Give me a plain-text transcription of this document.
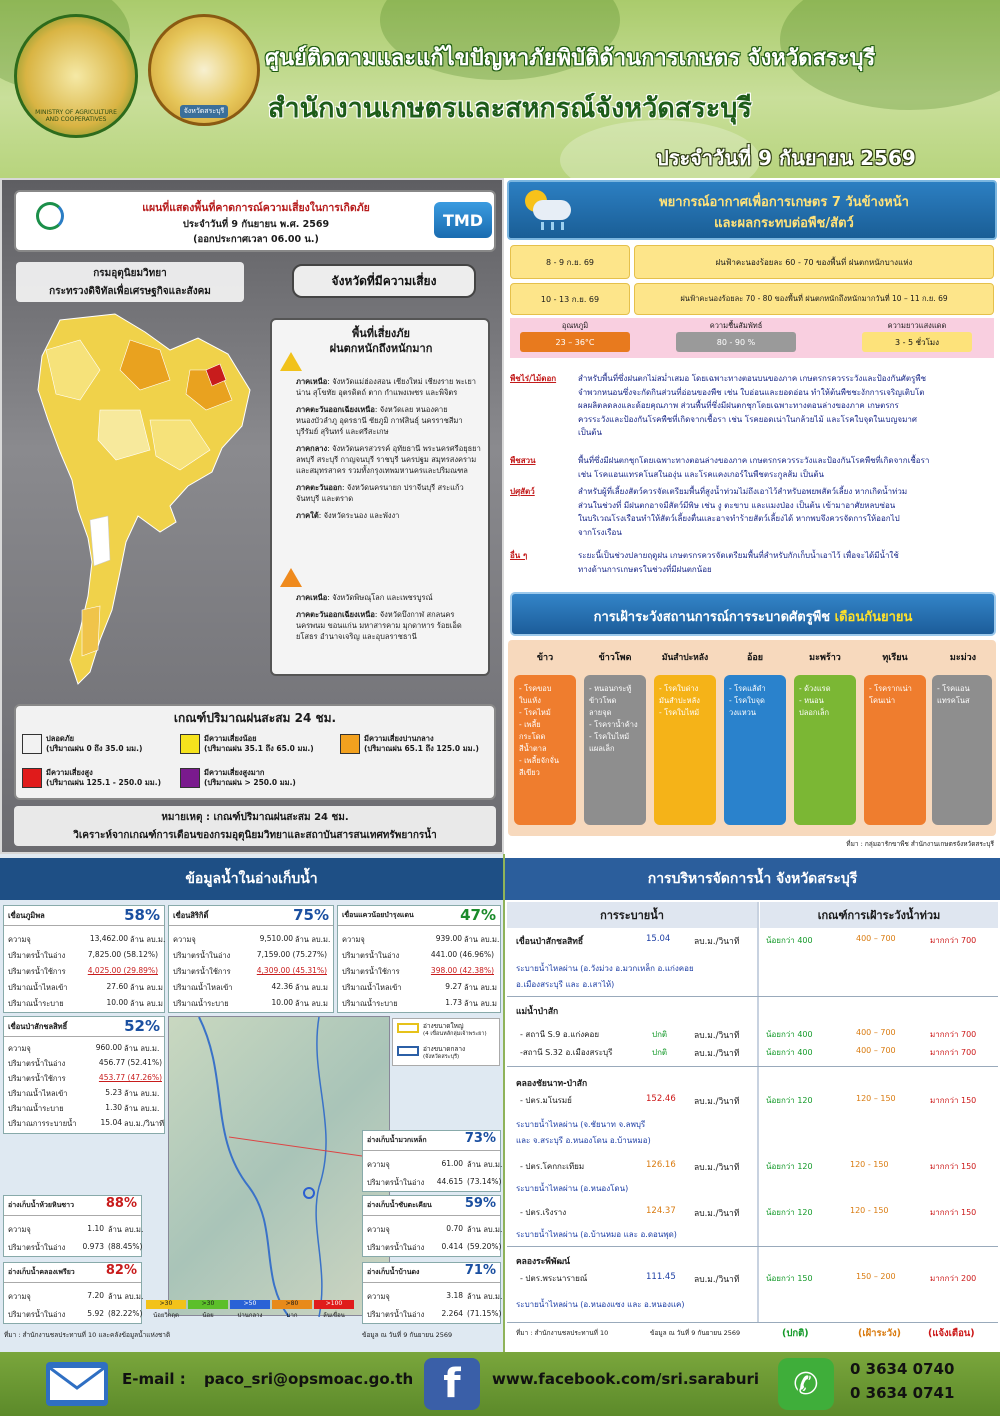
MINISTRY OF AGRICULTURE AND COOPERATIVES
จังหวัดสระบุรี
ศูนย์ติดตามและแก้ไขปัญหาภัยพิบัติด้านการเกษตร จังหวัดสระบุรี
สำนักงานเกษตรและสหกรณ์จังหวัดสระบุรี
ประจำวันที่ 9 กันยายน 2569
แผนที่แสดงพื้นที่คาดการณ์ความเสี่ยงในการเกิดภัย
ประจำวันที่ 9 กันยายน พ.ศ. 2569
(ออกประกาศเวลา 06.00 น.)
TMD
กรมอุตุนิยมวิทยา
กระทรวงดิจิทัลเพื่อเศรษฐกิจและสังคม
จังหวัดที่มีความเสี่ยง
พื้นที่เสี่ยงภัย
ฝนตกหนักถึงหนักมาก

ภาคเหนือ: จังหวัดแม่ฮ่องสอน เชียงใหม่ เชียงราย พะเยา น่าน สุโขทัย อุตรดิตถ์ ตาก กำแพงเพชร และพิจิตร

ภาคตะวันออกเฉียงเหนือ: จังหวัดเลย หนองคาย หนองบัวลำภู อุดรธานี ชัยภูมิ กาฬสินธุ์ นครราชสีมา บุรีรัมย์ สุรินทร์ และศรีสะเกษ

ภาคกลาง: จังหวัดนครสวรรค์ อุทัยธานี พระนครศรีอยุธยา ลพบุรี สระบุรี กาญจนบุรี ราชบุรี นครปฐม สมุทรสงคราม และสมุทรสาคร รวมทั้งกรุงเทพมหานครและปริมณฑล

ภาคตะวันออก: จังหวัดนครนายก ปราจีนบุรี สระแก้ว จันทบุรี และตราด

ภาคใต้: จังหวัดระนอง และพังงา

ภาคเหนือ: จังหวัดพิษณุโลก และเพชรบูรณ์

ภาคตะวันออกเฉียงเหนือ: จังหวัดบึงกาฬ สกลนคร นครพนม ขอนแก่น มหาสารคาม มุกดาหาร ร้อยเอ็ด ยโสธร อำนาจเจริญ และอุบลราชธานี

เกณฑ์ปริมาณฝนสะสม 24 ชม.
ปลอดภัย
(ปริมาณฝน 0 ถึง 35.0 มม.)
มีความเสี่ยงน้อย
(ปริมาณฝน 35.1 ถึง 65.0 มม.)
มีความเสี่ยงปานกลาง
(ปริมาณฝน 65.1 ถึง 125.0 มม.)
มีความเสี่ยงสูง
(ปริมาณฝน 125.1 - 250.0 มม.)
มีความเสี่ยงสูงมาก
(ปริมาณฝน > 250.0 มม.)
หมายเหตุ : เกณฑ์ปริมาณฝนสะสม 24 ชม.
วิเคราะห์จากเกณฑ์การเตือนของกรมอุตุนิยมวิทยาและสถาบันสารสนเทศทรัพยากรน้ำ
พยากรณ์อากาศเพื่อการเกษตร 7 วันข้างหน้า
และผลกระทบต่อพืช/สัตว์
8 - 9 ก.ย. 69	ฝนฟ้าคะนองร้อยละ 60 - 70 ของพื้นที่ ฝนตกหนักบางแห่ง
10 - 13 ก.ย. 69	ฝนฟ้าคะนองร้อยละ 70 - 80 ของพื้นที่ ฝนตกหนักถึงหนักมากวันที่ 10 – 11 ก.ย. 69
อุณหภูมิ
23 – 36°C
ความชื้นสัมพัทธ์
80 - 90 %
ความยาวแสงแดด
3 - 5 ชั่วโมง
พืชไร่/ไม้ดอก	สำหรับพื้นที่ซึ่งฝนตกไม่สม่ำเสมอ โดยเฉพาะทางตอนบนของภาค เกษตรกรควรระวังและป้องกันศัตรูพืช
จำพวกหนอนซึ่งจะกัดกินส่วนที่อ่อนของพืช เช่น ใบอ่อนและยอดอ่อน ทำให้ต้นพืชชะงักการเจริญเติบโต
ผลผลิตลดลงและด้อยคุณภาพ ส่วนพื้นที่ซึ่งมีฝนตกชุกโดยเฉพาะทางตอนล่างของภาค เกษตรกร
ควรระวังและป้องกันโรคพืชที่เกิดจากเชื้อรา เช่น โรคยอดเน่าในกล้วยไม้ และโรคใบจุดในเบญจมาศ
เป็นต้น
พืชสวน	พื้นที่ซึ่งมีฝนตกชุกโดยเฉพาะทางตอนล่างของภาค เกษตรกรควรระวังและป้องกันโรคพืชที่เกิดจากเชื้อรา
เช่น โรคแอนแทรคโนสในองุ่น และโรคแคงเกอร์ในพืชตระกูลส้ม เป็นต้น
ปศุสัตว์	สำหรับผู้ที่เลี้ยงสัตว์ควรจัดเตรียมพื้นที่สูงน้ำท่วมไม่ถึงเอาไว้สำหรับอพยพสัตว์เลี้ยง หากเกิดน้ำท่วม
ส่วนในช่วงที่ มีฝนตกอาจมีสัตว์มีพิษ เช่น งู ตะขาบ และแมงป่อง เป็นต้น เข้ามาอาศัยหลบซ่อน
ในบริเวณโรงเรือนทำให้สัตว์เลี้ยงตื่นและอาจทำร้ายสัตว์เลี้ยงได้ หากพบจึงควรจัดการให้ออกไป
จากโรงเรือน
อื่น ๆ	ระยะนี้เป็นช่วงปลายฤดูฝน เกษตรกรควรจัดเตรียมพื้นที่สำหรับกักเก็บน้ำเอาไว้ เพื่อจะได้มีน้ำใช้
ทางด้านการเกษตรในช่วงที่มีฝนตกน้อย
การเฝ้าระวังสถานการณ์การระบาดศัตรูพืช เดือนกันยายน
ข้าว
- โรคขอบ
ใบแห้ง
- โรคไหม้
- เพลี้ย
กระโดด
สีน้ำตาล
- เพลี้ยจักจั่น
สีเขียว
ข้าวโพด
- หนอนกระทู้
ข้าวโพด
ลายจุด
- โรคราน้ำค้าง
- โรคใบไหม้
แผลเล็ก
มันสำปะหลัง
- โรคใบด่าง
มันสำปะหลัง
- โรคใบไหม้
อ้อย
- โรคแส้ดำ
- โรคใบจุด
วงแหวน
มะพร้าว
- ด้วงแรด
- หนอน
ปลอกเล็ก
ทุเรียน
- โรครากเน่า
โคนเน่า
มะม่วง
- โรคแอน
แทรคโนส
ที่มา : กลุ่มอารักขาพืช สำนักงานเกษตรจังหวัดสระบุรี
ข้อมูลน้ำในอ่างเก็บน้ำ
เขื่อนภูมิพล	58%
ความจุ	13,462.00 ล้าน ลบ.ม.
ปริมาตรน้ำในอ่าง	7,825.00 (58.12%)
ปริมาตรน้ำใช้การ	4,025.00 (29.89%)
ปริมาณน้ำไหลเข้า	27.60 ล้าน ลบ.ม
ปริมาณน้ำระบาย	10.00 ล้าน ลบ.ม
เขื่อนสิริกิติ์	75%
ความจุ	9,510.00 ล้าน ลบ.ม.
ปริมาตรน้ำในอ่าง	7,159.00 (75.27%)
ปริมาตรน้ำใช้การ	4,309.00 (45.31%)
ปริมาณน้ำไหลเข้า	42.36 ล้าน ลบ.ม
ปริมาณน้ำระบาย	10.00 ล้าน ลบ.ม
เขื่อนแควน้อยบำรุงแดน	47%
ความจุ	939.00 ล้าน ลบ.ม.
ปริมาตรน้ำในอ่าง	441.00 (46.96%)
ปริมาตรน้ำใช้การ	398.00 (42.38%)
ปริมาณน้ำไหลเข้า	9.27 ล้าน ลบ.ม
ปริมาณน้ำระบาย	1.73 ล้าน ลบ.ม
เขื่อนป่าสักชลสิทธิ์	52%
ความจุ	960.00 ล้าน ลบ.ม.
ปริมาตรน้ำในอ่าง	456.77 (52.41%)
ปริมาตรน้ำใช้การ	453.77 (47.26%)
ปริมาณน้ำไหลเข้า	5.23 ล้าน ลบ.ม.
ปริมาณน้ำระบาย	1.30 ล้าน ลบ.ม.
ปริมาณการระบายน้ำ	15.04 ลบ.ม./วินาที
อ่างขนาดใหญ่
(4 เขื่อนหลักลุ่มเจ้าพระยา)
อ่างขนาดกลาง
(จังหวัดสระบุรี)
อ่างเก็บน้ำมวกเหล็ก	73%
ความจุ	61.00 ล้าน ลบ.ม.
ปริมาตรน้ำในอ่าง	44.615 (73.14%)
อ่างเก็บน้ำห้วยหินซาว	88%
ความจุ	1.10 ล้าน ลบ.ม.
ปริมาตรน้ำในอ่าง	0.973 (88.45%)
อ่างเก็บน้ำซับตะเคียน	59%
ความจุ	0.70 ล้าน ลบ.ม.
ปริมาตรน้ำในอ่าง	0.414 (59.20%)
อ่างเก็บน้ำคลองเพรียว	82%
ความจุ	7.20 ล้าน ลบ.ม.
ปริมาตรน้ำในอ่าง	5.92 (82.22%)
อ่างเก็บน้ำบ้านดง	71%
ความจุ	3.18 ล้าน ลบ.ม.
ปริมาตรน้ำในอ่าง	2.264 (71.15%)
>30	>30	>50	>80	>100
น้อยวิกฤต	น้อย	ปานกลาง	มาก	ล้นเขื่อน
ที่มา : สำนักงานชลประทานที่ 10 และคลังข้อมูลน้ำแห่งชาติ	ข้อมูล ณ วันที่ 9 กันยายน 2569
การบริหารจัดการน้ำ จังหวัดสระบุรี
การระบายน้ำ	เกณฑ์การเฝ้าระวังน้ำท่วม
เขื่อนป่าสักชลสิทธิ์	15.04	ลบ.ม./วินาที	น้อยกว่า 400	400 – 700	มากกว่า 700
ระบายน้ำไหลผ่าน (อ.วังม่วง อ.มวกเหล็ก อ.แก่งคอย
อ.เมืองสระบุรี และ อ.เสาไห้)
แม่น้ำป่าสัก
- สถานี S.9 อ.แก่งคอย	ปกติ	ลบ.ม./วินาที	น้อยกว่า 400	400 – 700	มากกว่า 700
-สถานี S.32 อ.เมืองสระบุรี	ปกติ	ลบ.ม./วินาที	น้อยกว่า 400	400 – 700	มากกว่า 700
คลองชัยนาท-ป่าสัก
- ปตร.มโนรมย์	152.46 ลบ.ม./วินาที	น้อยกว่า 120	120 – 150	มากกว่า 150
ระบายน้ำไหลผ่าน (จ.ชัยนาท จ.ลพบุรี
และ จ.สระบุรี อ.หนองโดน อ.บ้านหมอ)
- ปตร.โคกกะเทียม	126.16 ลบ.ม./วินาที	น้อยกว่า 120	120 - 150	มากกว่า 150
ระบายน้ำไหลผ่าน (อ.หนองโดน)
- ปตร.เริงราง	124.37 ลบ.ม./วินาที	น้อยกว่า 120	120 - 150	มากกว่า 150
ระบายน้ำไหลผ่าน (อ.บ้านหมอ และ อ.ดอนพุด)
คลองระพีพัฒน์
- ปตร.พระนารายณ์	111.45 ลบ.ม./วินาที	น้อยกว่า 150	150 – 200	มากกว่า 200
ระบายน้ำไหลผ่าน (อ.หนองแซง และ อ.หนองแค)
ที่มา : สำนักงานชลประทานที่ 10	ข้อมูล ณ วันที่ 9 กันยายน 2569	(ปกติ)	(เฝ้าระวัง)	(แจ้งเตือน)
E-mail : paco_sri@opsmoac.go.th f	www.facebook.com/sri.saraburi	✆	0 3634 0740
0 3634 0741
